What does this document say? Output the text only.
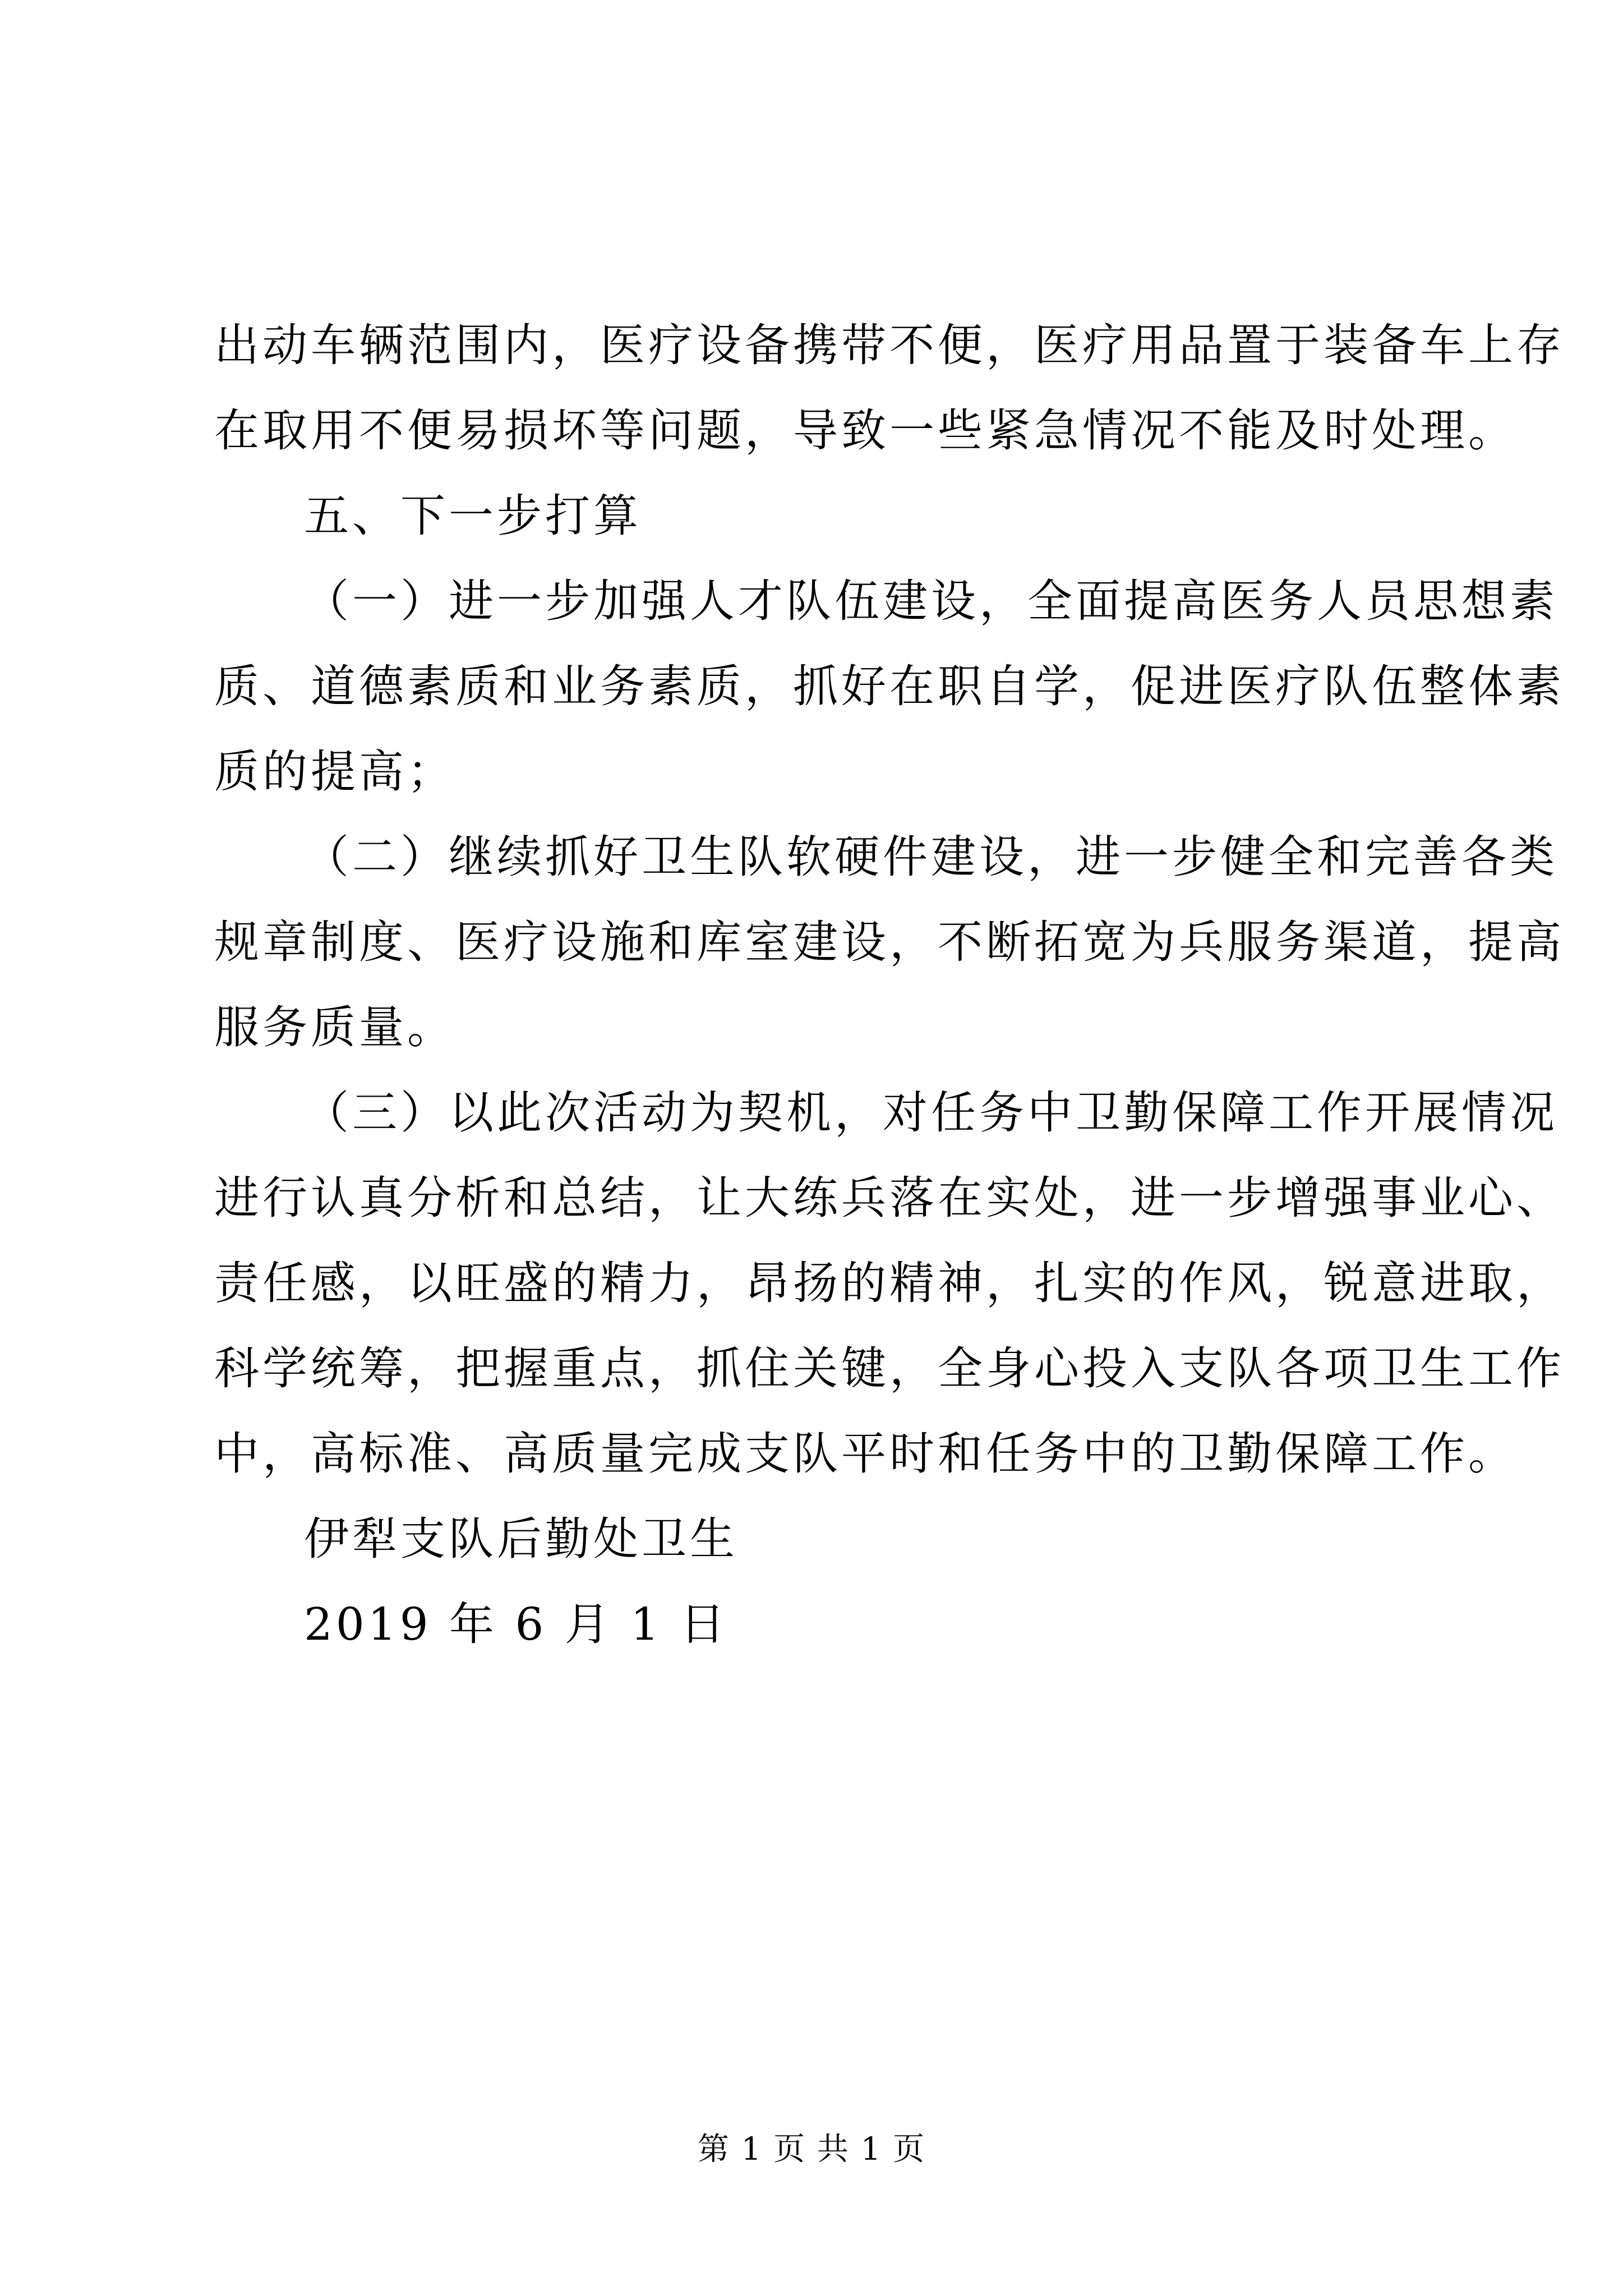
出动车辆范围内，医疗设备携带不便，医疗用品置于装备车上存
在取用不便易损坏等问题，导致一些紧急情况不能及时处理。

五、下一步打算

（一）进一步加强人才队伍建设，全面提高医务人员思想素
质、道德素质和业务素质，抓好在职自学，促进医疗队伍整体素
质的提高；

（二）继续抓好卫生队软硬件建设，进一步健全和完善各类
规章制度、医疗设施和库室建设，不断拓宽为兵服务渠道，提高
服务质量。

（三）以此次活动为契机，对任务中卫勤保障工作开展情况
进行认真分析和总结，让大练兵落在实处，进一步增强事业心、
责任感，以旺盛的精力，昂扬的精神，扎实的作风，锐意进取，
科学统筹，把握重点，抓住关键，全身心投入支队各项卫生工作
中，高标准、高质量完成支队平时和任务中的卫勤保障工作。

伊犁支队后勤处卫生

2019 年 6 月 1 日

第 1 页 共 1 页
